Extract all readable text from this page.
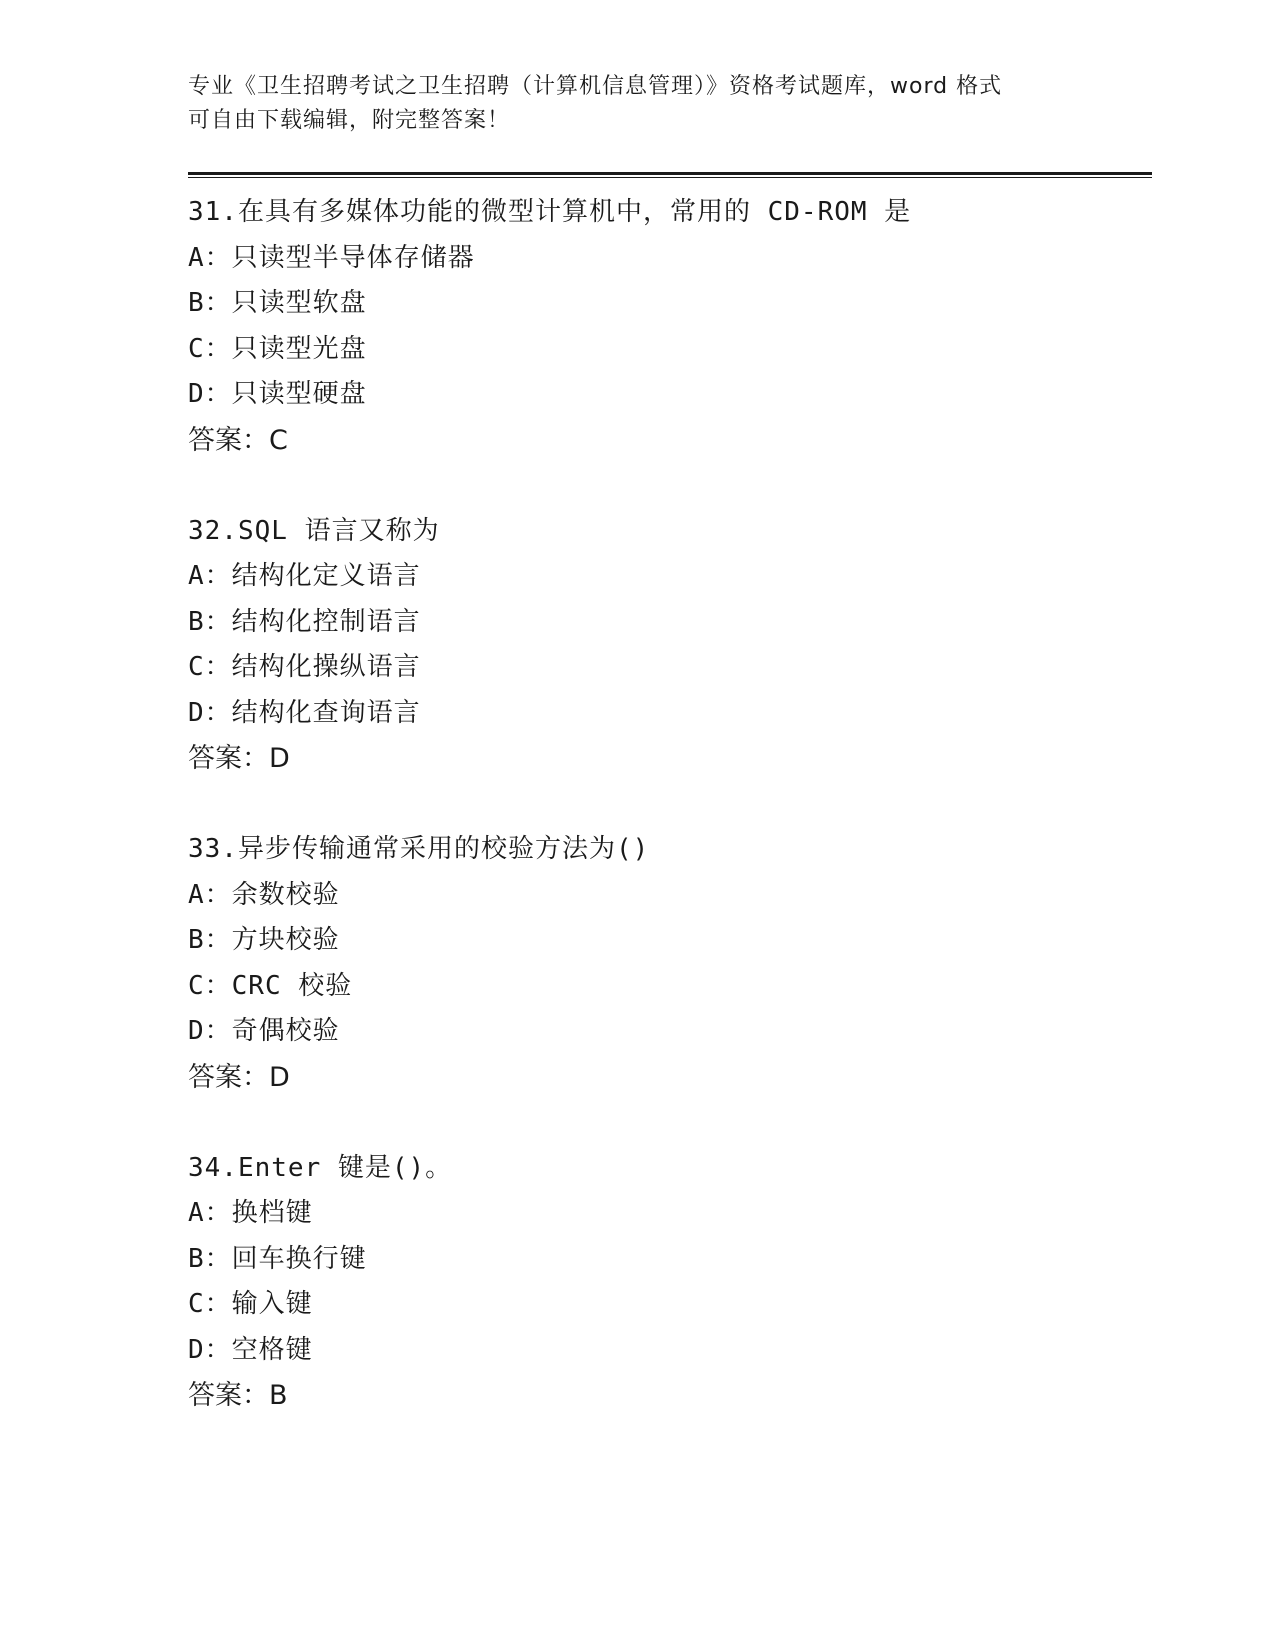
专业《卫生招聘考试之卫生招聘（计算机信息管理）》资格考试题库，word 格式
可自由下载编辑，附完整答案！
31.在具有多媒体功能的微型计算机中，常用的 CD-ROM 是
A：只读型半导体存储器
B：只读型软盘
C：只读型光盘
D：只读型硬盘
答案：C
32.SQL 语言又称为
A：结构化定义语言
B：结构化控制语言
C：结构化操纵语言
D：结构化查询语言
答案：D
33.异步传输通常采用的校验方法为()
A：余数校验
B：方块校验
C：CRC 校验
D：奇偶校验
答案：D
34.Enter 键是()。
A：换档键
B：回车换行键
C：输入键
D：空格键
答案：B
